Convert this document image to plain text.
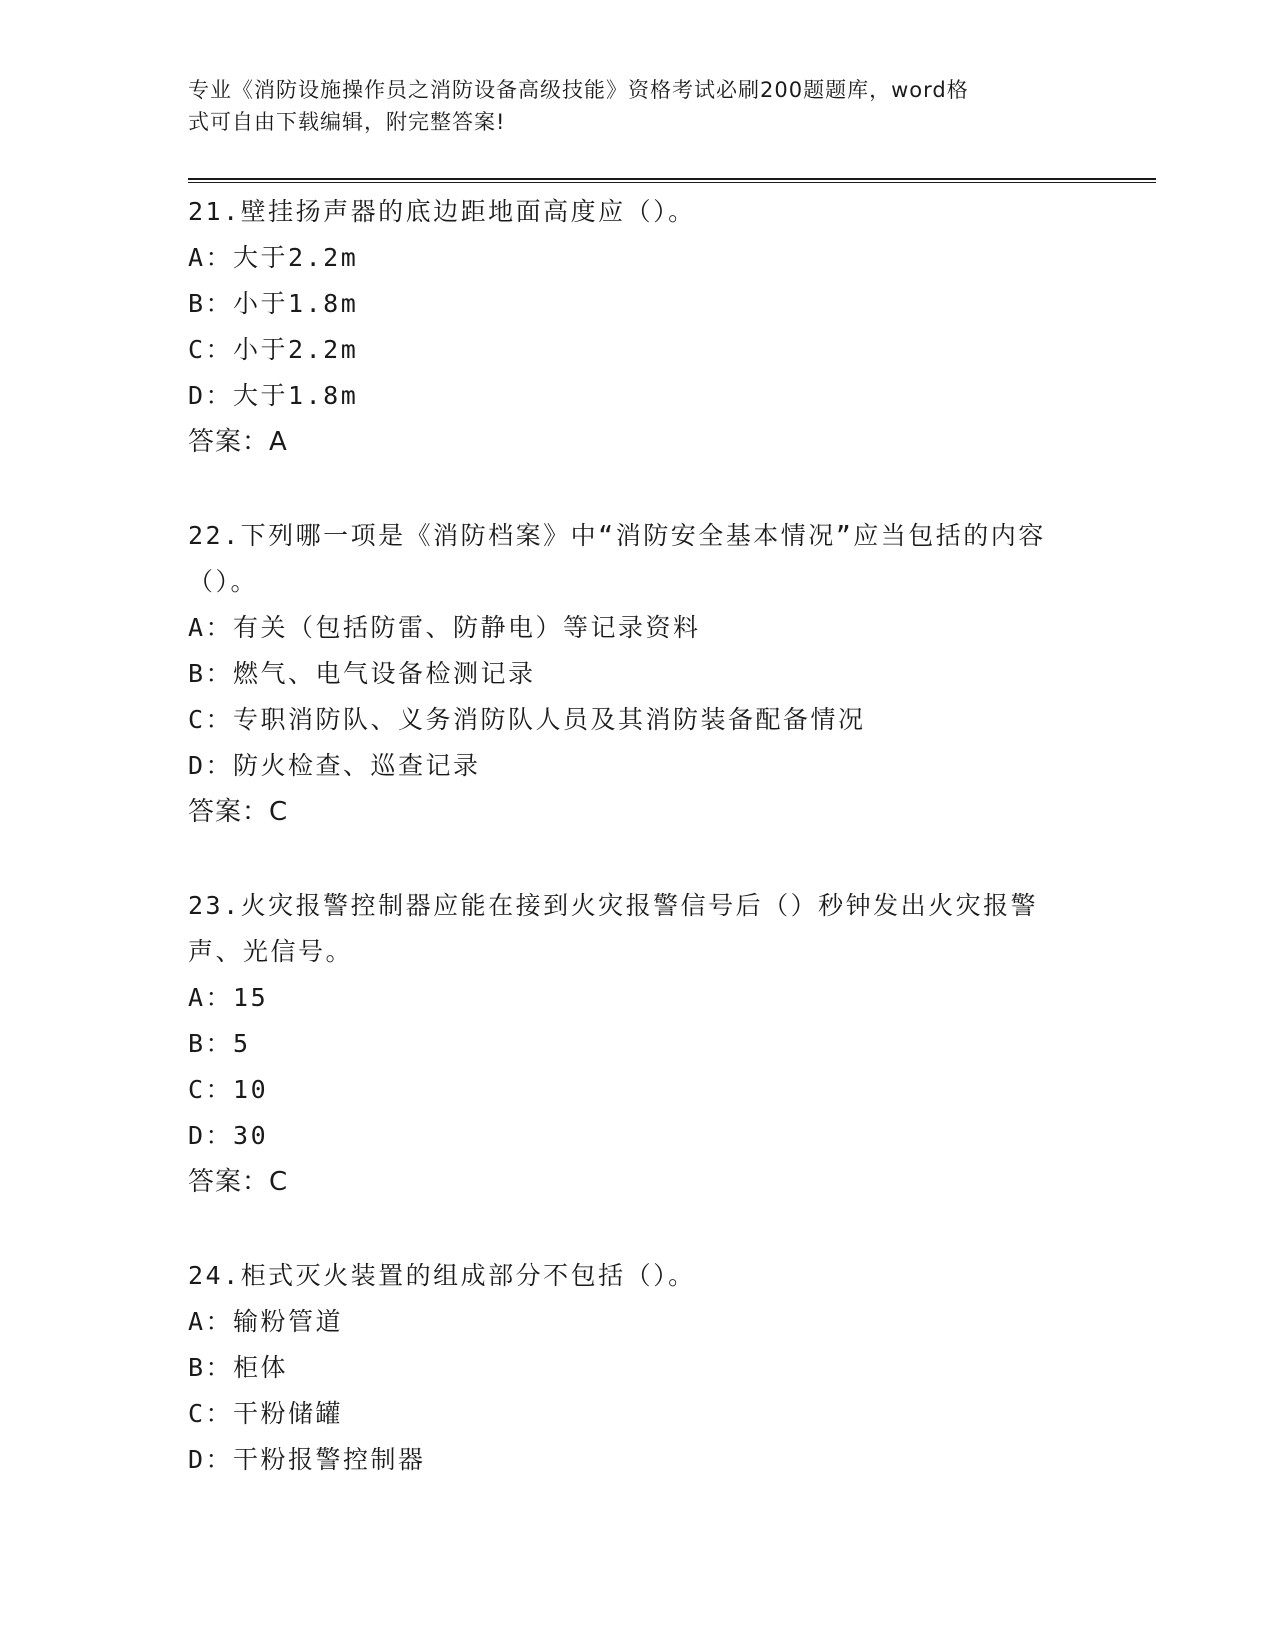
专业《消防设施操作员之消防设备高级技能》资格考试必刷200题题库，word格
式可自由下载编辑，附完整答案!
21.壁挂扬声器的底边距地面高度应（）。
A：大于2.2m
B：小于1.8m
C：小于2.2m
D：大于1.8m
答案：A
22.下列哪一项是《消防档案》中“消防安全基本情况”应当包括的内容（）。
A：有关（包括防雷、防静电）等记录资料
B：燃气、电气设备检测记录
C：专职消防队、义务消防队人员及其消防装备配备情况
D：防火检查、巡查记录
答案：C
23.火灾报警控制器应能在接到火灾报警信号后（）秒钟发出火灾报警声、光信号。
A：15
B：5
C：10
D：30
答案：C
24.柜式灭火装置的组成部分不包括（）。
A：输粉管道
B：柜体
C：干粉储罐
D：干粉报警控制器
